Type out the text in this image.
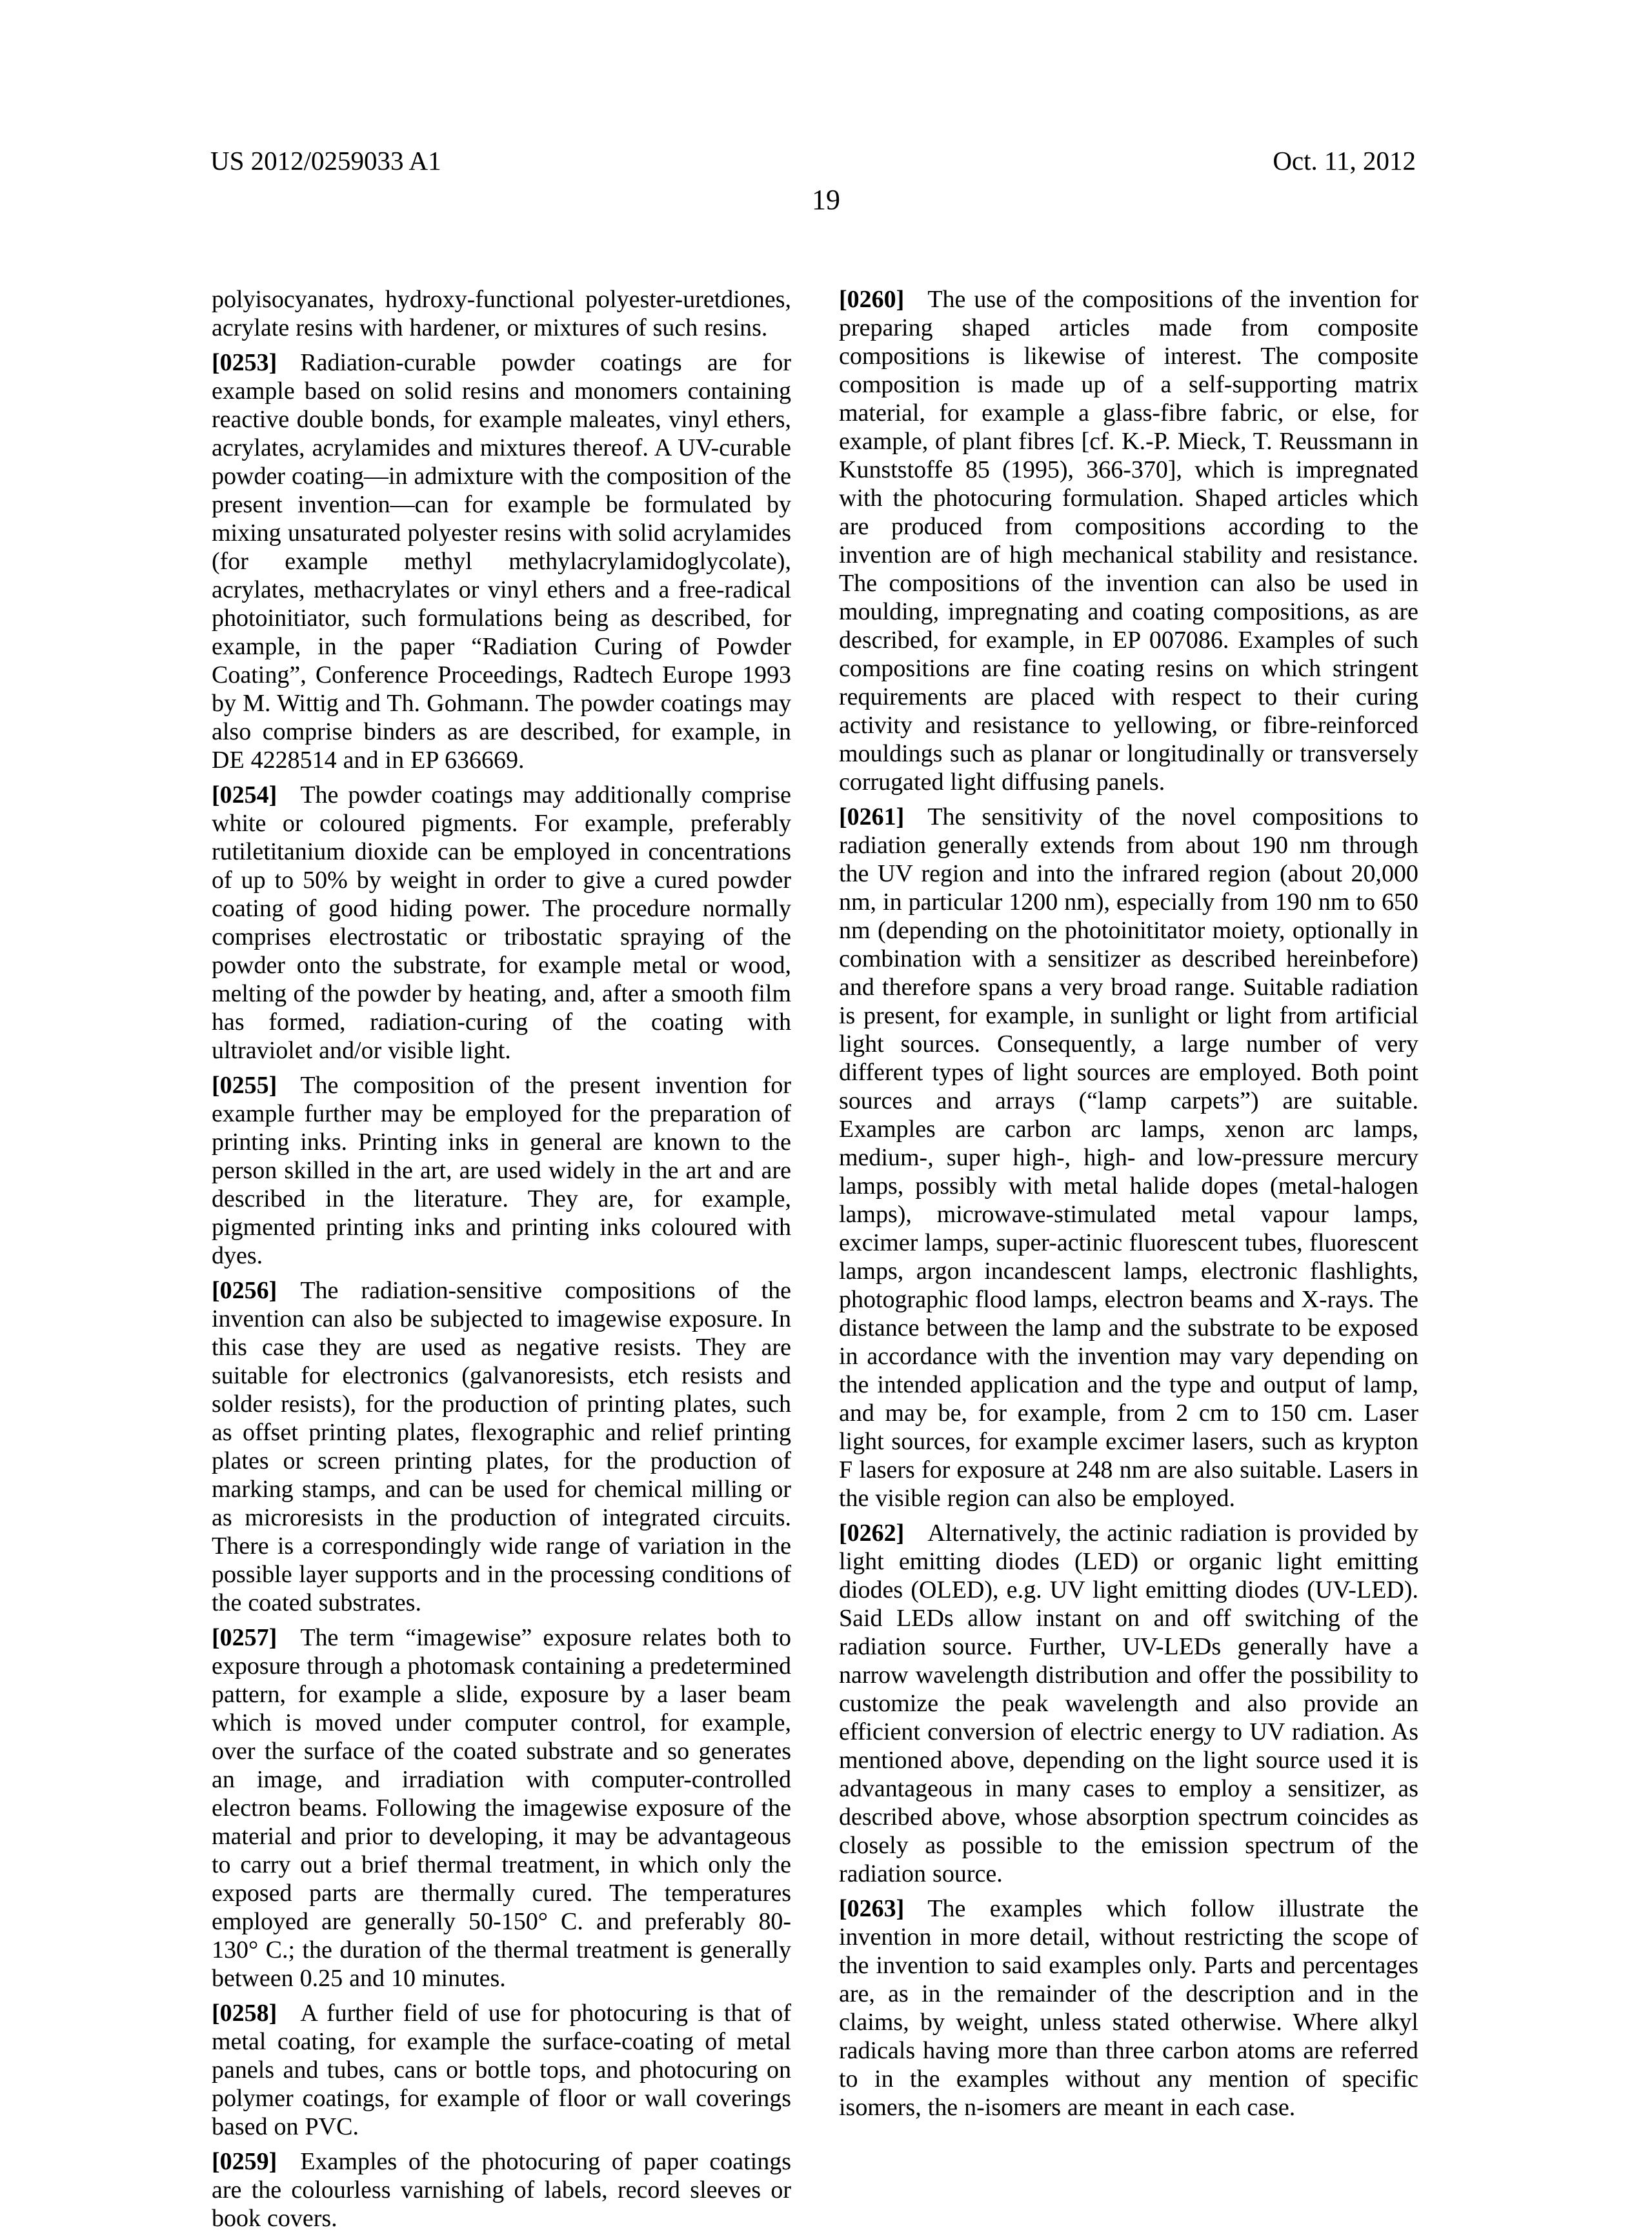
US 2012/0259033 A1	Oct. 11, 2012
19

polyisocyanates, hydroxy-functional polyester-uretdiones, acrylate resins with hardener, or mixtures of such resins.

[0253] Radiation-curable powder coatings are for example based on solid resins and monomers containing reactive double bonds, for example maleates, vinyl ethers, acrylates, acrylamides and mixtures thereof. A UV-curable powder coating—in admixture with the composition of the present invention—can for example be formulated by mixing unsaturated polyester resins with solid acrylamides (for example methyl methylacrylamidoglycolate), acrylates, methacrylates or vinyl ethers and a free-radical photoinitiator, such formulations being as described, for example, in the paper “Radiation Curing of Powder Coating”, Conference Proceedings, Radtech Europe 1993 by M. Wittig and Th. Gohmann. The powder coatings may also comprise binders as are described, for example, in DE 4228514 and in EP 636669.

[0254] The powder coatings may additionally comprise white or coloured pigments. For example, preferably rutiletitanium dioxide can be employed in concentrations of up to 50% by weight in order to give a cured powder coating of good hiding power. The procedure normally comprises electrostatic or tribostatic spraying of the powder onto the substrate, for example metal or wood, melting of the powder by heating, and, after a smooth film has formed, radiation-curing of the coating with ultraviolet and/or visible light.

[0255] The composition of the present invention for example further may be employed for the preparation of printing inks. Printing inks in general are known to the person skilled in the art, are used widely in the art and are described in the literature. They are, for example, pigmented printing inks and printing inks coloured with dyes.

[0256] The radiation-sensitive compositions of the invention can also be subjected to imagewise exposure. In this case they are used as negative resists. They are suitable for electronics (galvanoresists, etch resists and solder resists), for the production of printing plates, such as offset printing plates, flexographic and relief printing plates or screen printing plates, for the production of marking stamps, and can be used for chemical milling or as microresists in the production of integrated circuits. There is a correspondingly wide range of variation in the possible layer supports and in the processing conditions of the coated substrates.

[0257] The term “imagewise” exposure relates both to exposure through a photomask containing a predetermined pattern, for example a slide, exposure by a laser beam which is moved under computer control, for example, over the surface of the coated substrate and so generates an image, and irradiation with computer-controlled electron beams. Following the imagewise exposure of the material and prior to developing, it may be advantageous to carry out a brief thermal treatment, in which only the exposed parts are thermally cured. The temperatures employed are generally 50-150° C. and preferably 80-130° C.; the duration of the thermal treatment is generally between 0.25 and 10 minutes.

[0258] A further field of use for photocuring is that of metal coating, for example the surface-coating of metal panels and tubes, cans or bottle tops, and photocuring on polymer coatings, for example of floor or wall coverings based on PVC.

[0259] Examples of the photocuring of paper coatings are the colourless varnishing of labels, record sleeves or book covers.

[0260] The use of the compositions of the invention for preparing shaped articles made from composite compositions is likewise of interest. The composite composition is made up of a self-supporting matrix material, for example a glass-fibre fabric, or else, for example, of plant fibres [cf. K.-P. Mieck, T. Reussmann in Kunststoffe 85 (1995), 366-370], which is impregnated with the photocuring formulation. Shaped articles which are produced from compositions according to the invention are of high mechanical stability and resistance. The compositions of the invention can also be used in moulding, impregnating and coating compositions, as are described, for example, in EP 007086. Examples of such compositions are fine coating resins on which stringent requirements are placed with respect to their curing activity and resistance to yellowing, or fibre-reinforced mouldings such as planar or longitudinally or transversely corrugated light diffusing panels.

[0261] The sensitivity of the novel compositions to radiation generally extends from about 190 nm through the UV region and into the infrared region (about 20,000 nm, in particular 1200 nm), especially from 190 nm to 650 nm (depending on the photoinititator moiety, optionally in combination with a sensitizer as described hereinbefore) and therefore spans a very broad range. Suitable radiation is present, for example, in sunlight or light from artificial light sources. Consequently, a large number of very different types of light sources are employed. Both point sources and arrays (“lamp carpets”) are suitable. Examples are carbon arc lamps, xenon arc lamps, medium-, super high-, high- and low-pressure mercury lamps, possibly with metal halide dopes (metal-halogen lamps), microwave-stimulated metal vapour lamps, excimer lamps, super-actinic fluorescent tubes, fluorescent lamps, argon incandescent lamps, electronic flashlights, photographic flood lamps, electron beams and X-rays. The distance between the lamp and the substrate to be exposed in accordance with the invention may vary depending on the intended application and the type and output of lamp, and may be, for example, from 2 cm to 150 cm. Laser light sources, for example excimer lasers, such as krypton F lasers for exposure at 248 nm are also suitable. Lasers in the visible region can also be employed.

[0262] Alternatively, the actinic radiation is provided by light emitting diodes (LED) or organic light emitting diodes (OLED), e.g. UV light emitting diodes (UV-LED). Said LEDs allow instant on and off switching of the radiation source. Further, UV-LEDs generally have a narrow wavelength distribution and offer the possibility to customize the peak wavelength and also provide an efficient conversion of electric energy to UV radiation. As mentioned above, depending on the light source used it is advantageous in many cases to employ a sensitizer, as described above, whose absorption spectrum coincides as closely as possible to the emission spectrum of the radiation source.

[0263] The examples which follow illustrate the invention in more detail, without restricting the scope of the invention to said examples only. Parts and percentages are, as in the remainder of the description and in the claims, by weight, unless stated otherwise. Where alkyl radicals having more than three carbon atoms are referred to in the examples without any mention of specific isomers, the n-isomers are meant in each case.
